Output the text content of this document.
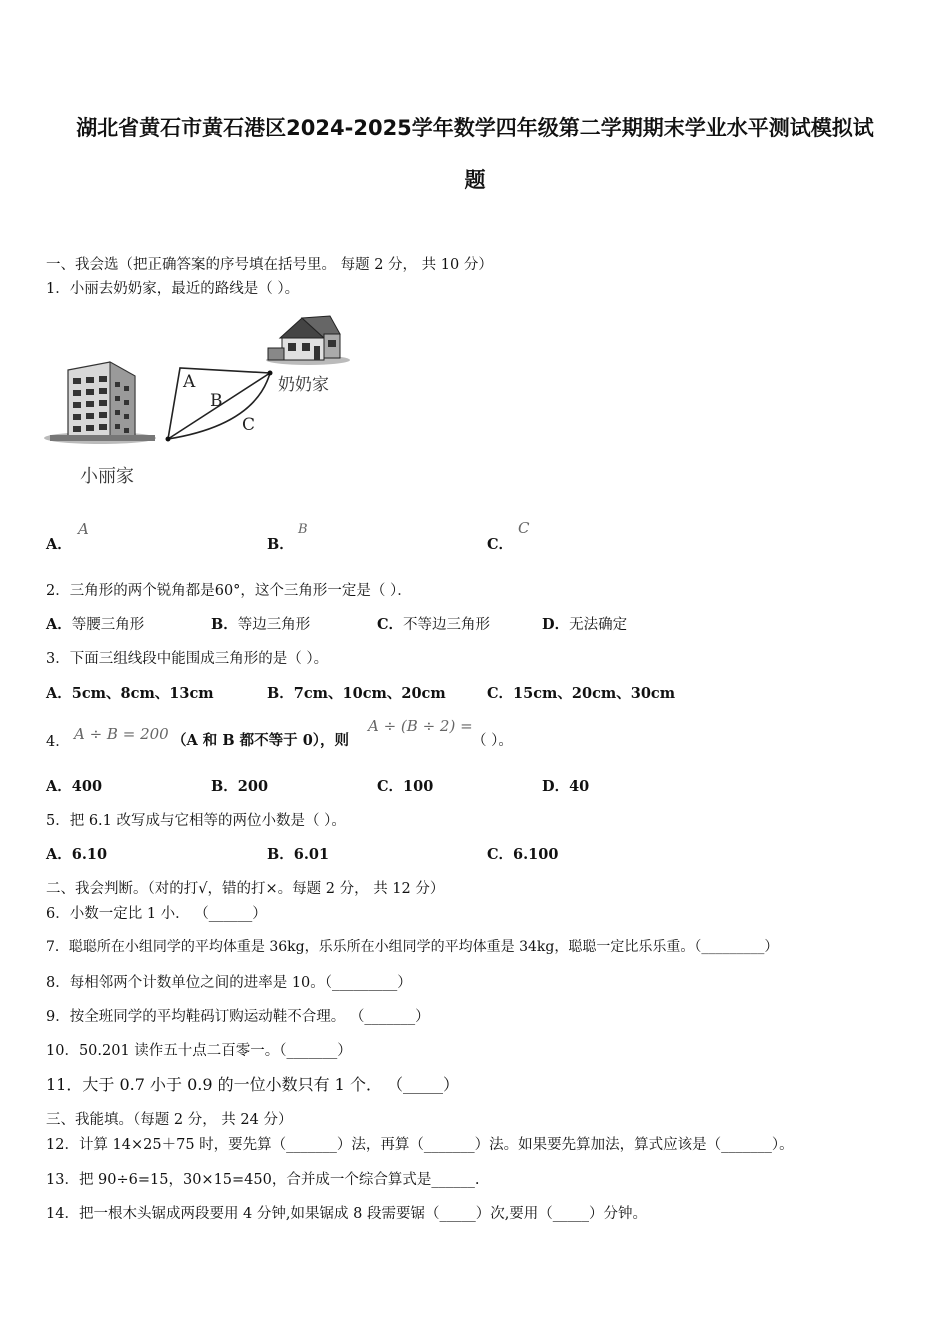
湖北省黄石市黄石港区2024-2025学年数学四年级第二学期期末学业水平测试模拟试
题
一、我会选（把正确答案的序号填在括号里。 每题 2 分， 共 10 分）
1．小丽去奶奶家，最近的路线是（ ）。
A
B
C
奶奶家
小丽家
A．
A
B．
B
C．
C
2．三角形的两个锐角都是60°，这个三角形一定是（ ）．
A．等腰三角形	B．等边三角形	C．不等边三角形	D．无法确定
3．下面三组线段中能围成三角形的是（ ）。
A．5cm、8cm、13cm	B．7cm、10cm、20cm	C．15cm、20cm、30cm
4． A ÷ B = 200 （A 和 B 都不等于 0），则
A ÷ (B ÷ 2) =
（ ）。
A．400	B．200	C．100	D．40
5．把 6.1 改写成与它相等的两位小数是（ ）。
A．6.10	B．6.01	C．6.100
二、我会判断。（对的打√，错的打×。每题 2 分， 共 12 分）
6．小数一定比 1 小． （______）
7．聪聪所在小组同学的平均体重是 36kg，乐乐所在小组同学的平均体重是 34kg，聪聪一定比乐乐重。（_________）
8．每相邻两个计数单位之间的进率是 10。（_________）
9．按全班同学的平均鞋码订购运动鞋不合理。 （_______）
10．50.201 读作五十点二百零一。（_______）
11．大于 0.7 小于 0.9 的一位小数只有 1 个． （_____）
三、我能填。（每题 2 分， 共 24 分）
12．计算 14×25＋75 时，要先算（_______）法，再算（_______）法。如果要先算加法，算式应该是（_______）。
13．把 90÷6=15，30×15=450，合并成一个综合算式是______.
14．把一根木头锯成两段要用 4 分钟,如果锯成 8 段需要锯（_____）次,要用（_____）分钟。
